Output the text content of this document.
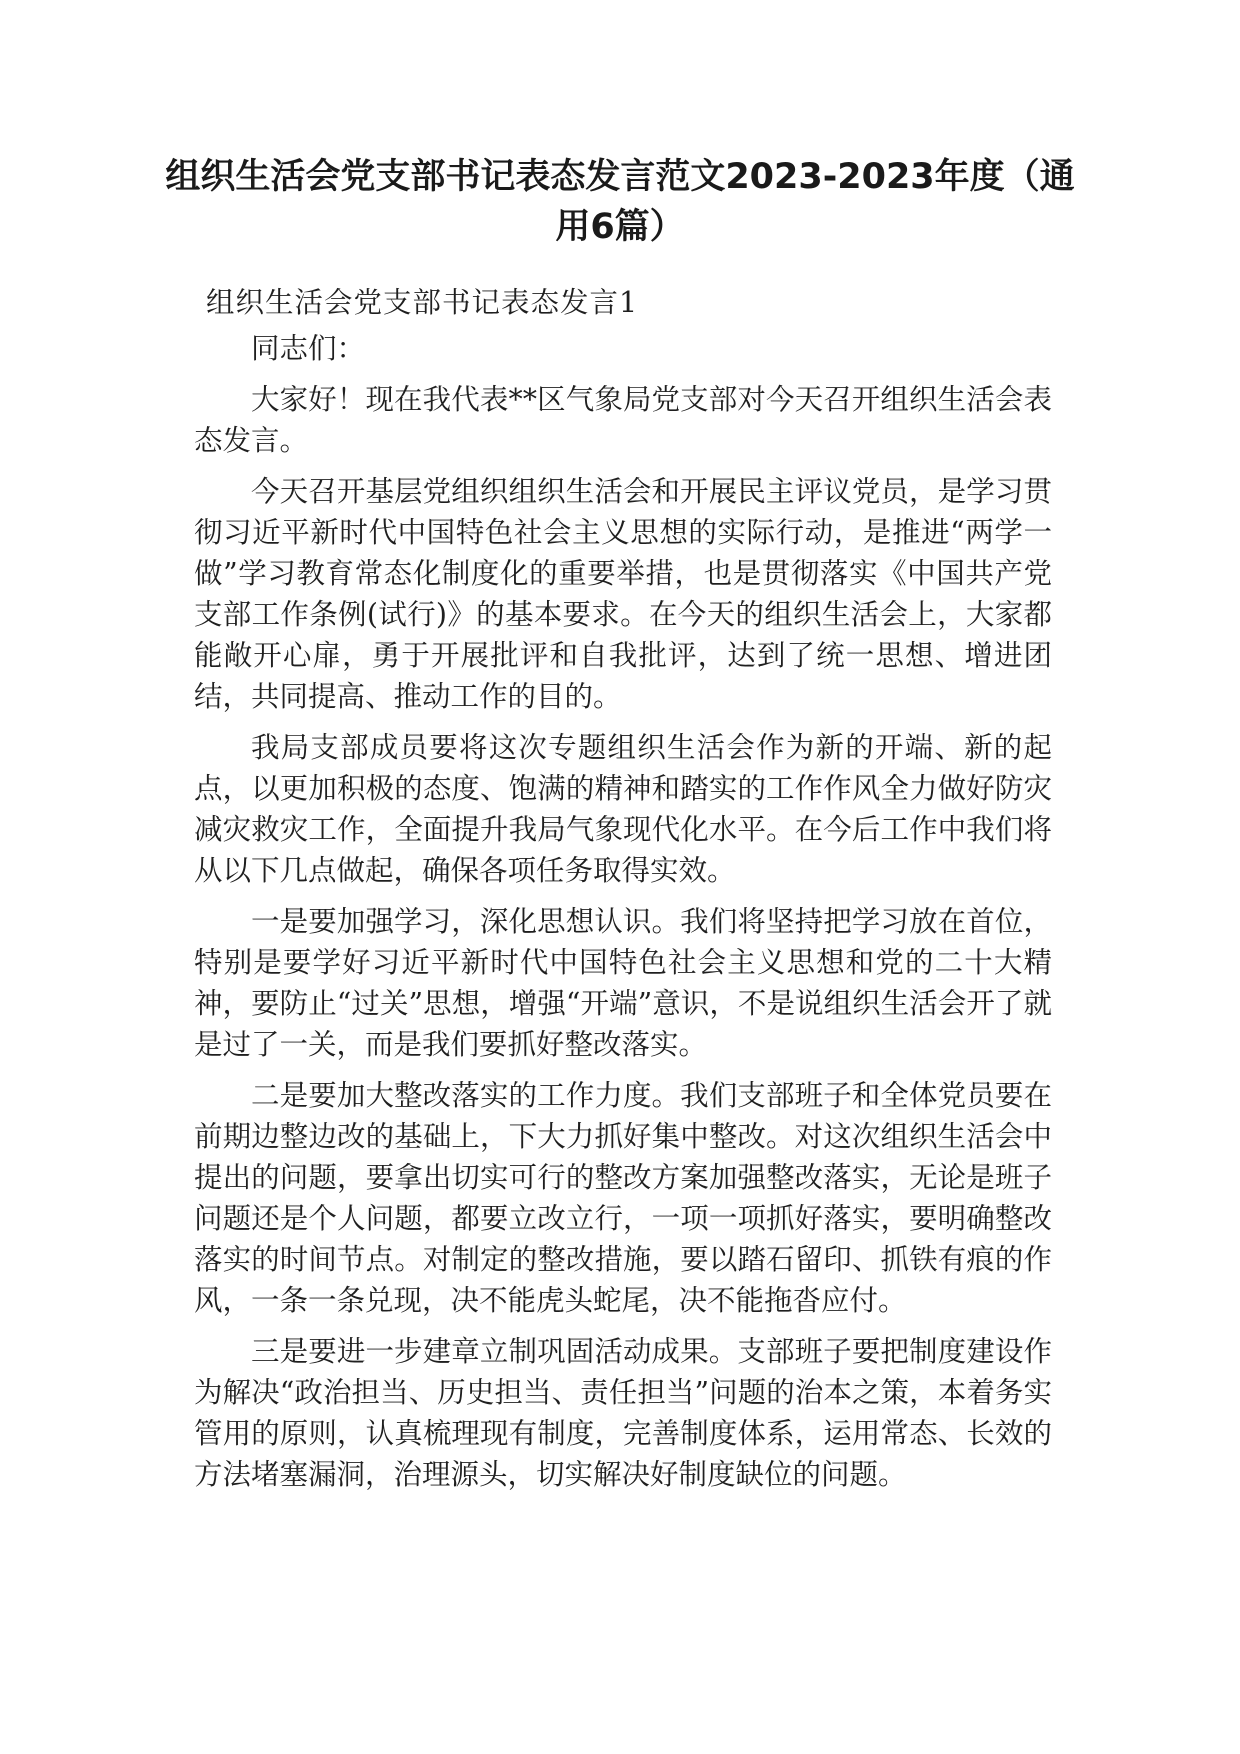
组织生活会党支部书记表态发言范文2023-2023年度（通用6篇）

组织生活会党支部书记表态发言1

同志们：

大家好！现在我代表**区气象局党支部对今天召开组织生活会表态发言。

今天召开基层党组织组织生活会和开展民主评议党员，是学习贯彻习近平新时代中国特色社会主义思想的实际行动，是推进“两学一做”学习教育常态化制度化的重要举措，也是贯彻落实《中国共产党支部工作条例(试行)》的基本要求。在今天的组织生活会上，大家都能敞开心扉，勇于开展批评和自我批评，达到了统一思想、增进团结，共同提高、推动工作的目的。

我局支部成员要将这次专题组织生活会作为新的开端、新的起点，以更加积极的态度、饱满的精神和踏实的工作作风全力做好防灾减灾救灾工作，全面提升我局气象现代化水平。在今后工作中我们将从以下几点做起，确保各项任务取得实效。

一是要加强学习，深化思想认识。我们将坚持把学习放在首位，特别是要学好习近平新时代中国特色社会主义思想和党的二十大精神，要防止“过关”思想，增强“开端”意识，不是说组织生活会开了就是过了一关，而是我们要抓好整改落实。

二是要加大整改落实的工作力度。我们支部班子和全体党员要在前期边整边改的基础上，下大力抓好集中整改。对这次组织生活会中提出的问题，要拿出切实可行的整改方案加强整改落实，无论是班子问题还是个人问题，都要立改立行，一项一项抓好落实，要明确整改落实的时间节点。对制定的整改措施，要以踏石留印、抓铁有痕的作风，一条一条兑现，决不能虎头蛇尾，决不能拖沓应付。

三是要进一步建章立制巩固活动成果。支部班子要把制度建设作为解决“政治担当、历史担当、责任担当”问题的治本之策，本着务实管用的原则，认真梳理现有制度，完善制度体系，运用常态、长效的方法堵塞漏洞，治理源头，切实解决好制度缺位的问题。
